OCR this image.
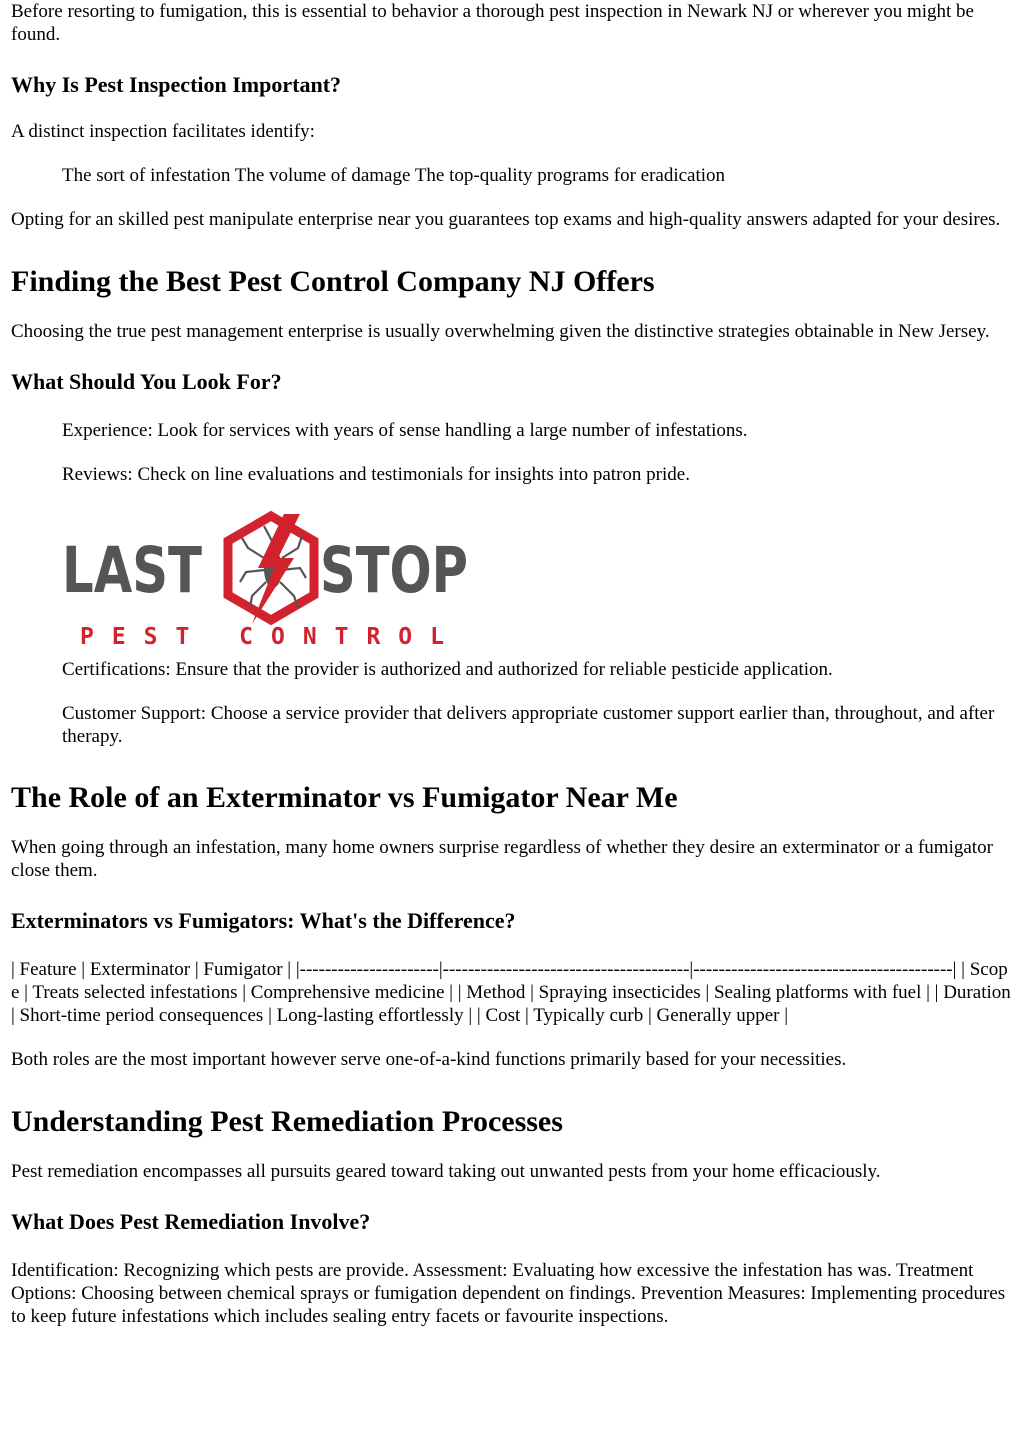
Before resorting to fumigation, this is essential to behavior a thorough pest inspection in Newark NJ or wherever you might be found.

Why Is Pest Inspection Important?

A distinct inspection facilitates identify:

The sort of infestation The volume of damage The top-quality programs for eradication

Opting for an skilled pest manipulate enterprise near you guarantees top exams and high-quality answers adapted for your desires.

Finding the Best Pest Control Company NJ Offers

Choosing the true pest management enterprise is usually overwhelming given the distinctive strategies obtainable in New Jersey.

What Should You Look For?

Experience: Look for services with years of sense handling a large number of infestations.

Reviews: Check on line evaluations and testimonials for insights into patron pride.

LAST STOP
PEST CONTROL

Certifications: Ensure that the provider is authorized and authorized for reliable pesticide application.

Customer Support: Choose a service provider that delivers appropriate customer support earlier than, throughout, and after therapy.

The Role of an Exterminator vs Fumigator Near Me

When going through an infestation, many home owners surprise regardless of whether they desire an exterminator or a fumigator close them.

Exterminators vs Fumigators: What's the Difference?

| Feature | Exterminator | Fumigator | |----------------------|---------------------------------------|-----------------------------------------| | Scope | Treats selected infestations | Comprehensive medicine | | Method | Spraying insecticides | Sealing platforms with fuel | | Duration | Short-time period consequences | Long-lasting effortlessly | | Cost | Typically curb | Generally upper |

Both roles are the most important however serve one-of-a-kind functions primarily based for your necessities.

Understanding Pest Remediation Processes

Pest remediation encompasses all pursuits geared toward taking out unwanted pests from your home efficaciously.

What Does Pest Remediation Involve?

Identification: Recognizing which pests are provide. Assessment: Evaluating how excessive the infestation has was. Treatment Options: Choosing between chemical sprays or fumigation dependent on findings. Prevention Measures: Implementing procedures to keep future infestations which includes sealing entry facets or favourite inspections.
